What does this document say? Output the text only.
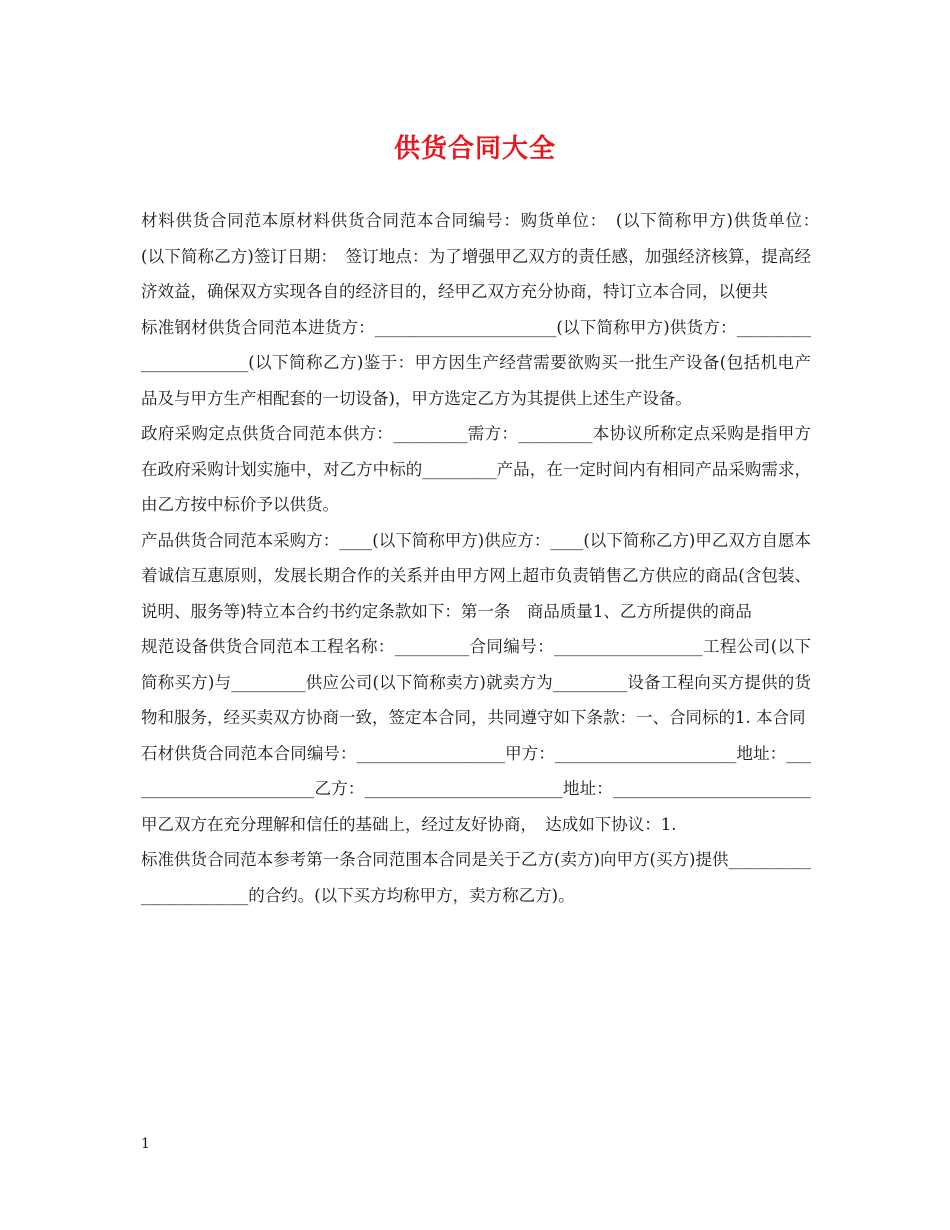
供货合同大全

材料供货合同范本原材料供货合同范本合同编号：购货单位：　(以下简称甲方)供货单位：　(以下简称乙方)签订日期：　签订地点：为了增强甲乙双方的责任感，加强经济核算，提高经济效益，确保双方实现各自的经济目的，经甲乙双方充分协商，特订立本合同，以便共

标准钢材供货合同范本进货方：______________________(以下简称甲方)供货方：______________________(以下简称乙方)鉴于：甲方因生产经营需要欲购买一批生产设备(包括机电产品及与甲方生产相配套的一切设备)，甲方选定乙方为其提供上述生产设备。

政府采购定点供货合同范本供方：_________需方：_________本协议所称定点采购是指甲方在政府采购计划实施中，对乙方中标的_________产品，在一定时间内有相同产品采购需求，由乙方按中标价予以供货。

产品供货合同范本采购方：____(以下简称甲方)供应方：____(以下简称乙方)甲乙双方自愿本着诚信互惠原则，发展长期合作的关系并由甲方网上超市负责销售乙方供应的商品(含包装、说明、服务等)特立本合约书约定条款如下：第一条　商品质量1、乙方所提供的商品

规范设备供货合同范本工程名称：_________合同编号：__________________工程公司(以下简称买方)与_________供应公司(以下简称卖方)就卖方为_________设备工程向买方提供的货物和服务，经买卖双方协商一致，签定本合同，共同遵守如下条款：一、合同标的1. 本合同

石材供货合同范本合同编号：__________________甲方：______________________地址：________________________乙方：________________________地址：________________________甲乙双方在充分理解和信任的基础上，经过友好协商，　达成如下协议：1.

标准供货合同范本参考第一条合同范围本合同是关于乙方(卖方)向甲方(买方)提供_______________________的合约。(以下买方均称甲方，卖方称乙方)。

1
